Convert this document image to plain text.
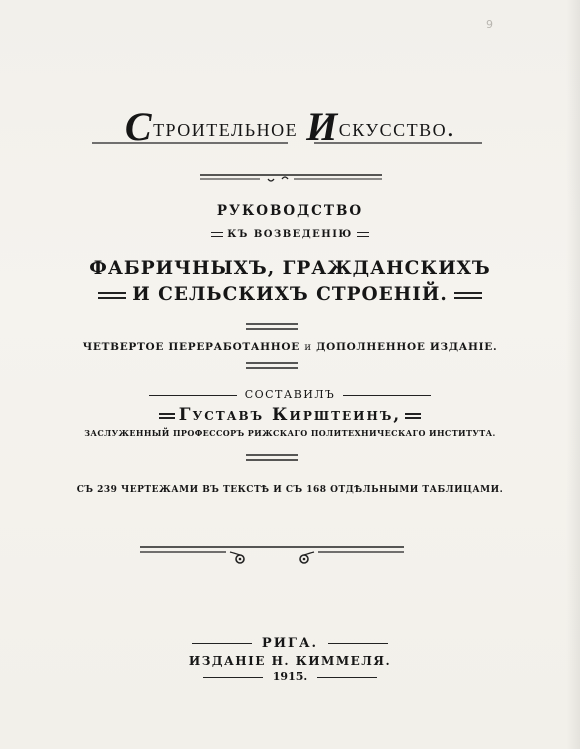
9
Строительное Искусство.
РУКОВОДСТВО
КЪ ВОЗВЕДЕНІЮ
ФАБРИЧНЫХЪ, ГРАЖДАНСКИХЪ
И СЕЛЬСКИХЪ СТРОЕНІЙ.
ЧЕТВЕРТОЕ ПЕРЕРАБОТАННОЕ и ДОПОЛНЕННОЕ ИЗДАНІЕ.
СОСТАВИЛЪ
Густавъ Кирштеинъ,
ЗАСЛУЖЕННЫЙ ПРОФЕССОРЪ РИЖСКАГО ПОЛИТЕХНИЧЕСКАГО ИНСТИТУТА.
СЪ 239 ЧЕРТЕЖАМИ ВЪ ТЕКСТѢ И СЪ 168 ОТДѢЛЬНЫМИ ТАБЛИЦАМИ.
РИГА.
ИЗДАНІЕ Н. КИММЕЛЯ.
1915.
